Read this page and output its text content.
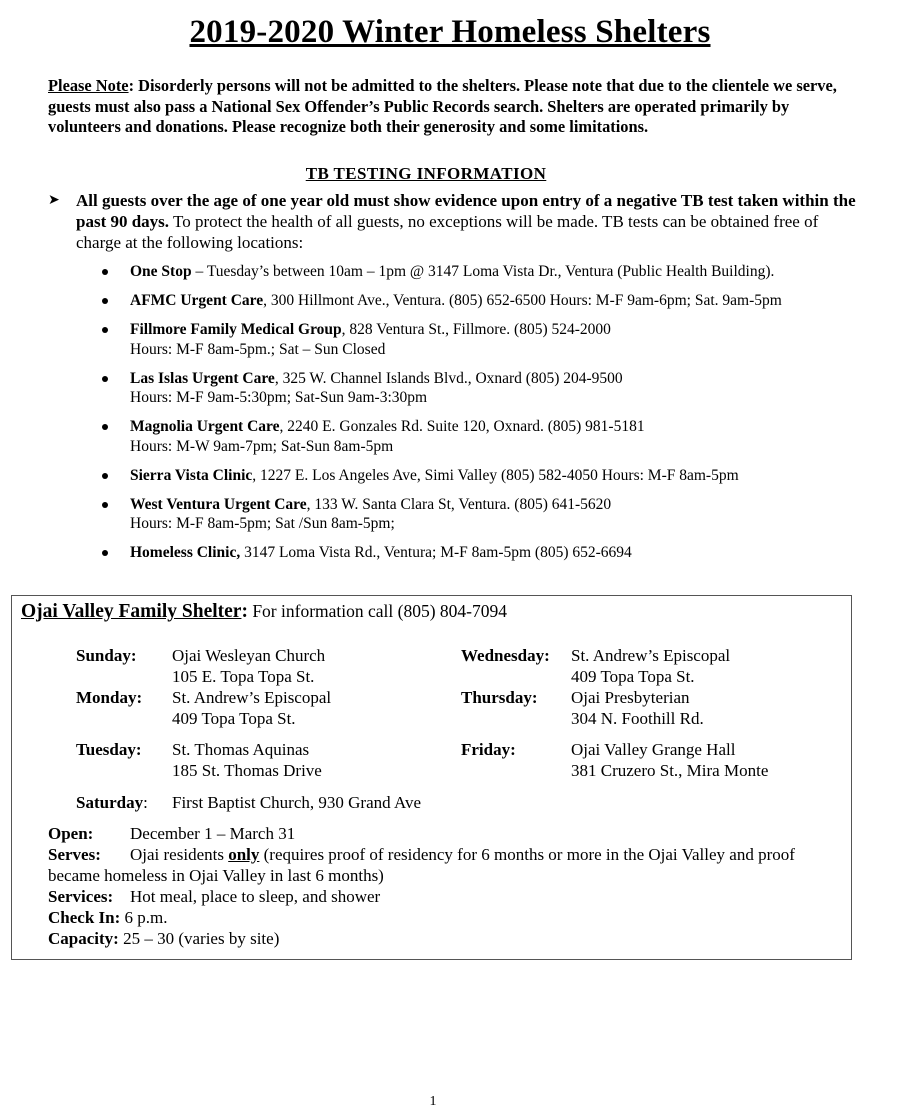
2019-2020 Winter Homeless Shelters
Please Note: Disorderly persons will not be admitted to the shelters. Please note that due to the clientele we serve, guests must also pass a National Sex Offender’s Public Records search. Shelters are operated primarily by volunteers and donations. Please recognize both their generosity and some limitations.
TB TESTING INFORMATION
➤ All guests over the age of one year old must show evidence upon entry of a negative TB test taken within the past 90 days. To protect the health of all guests, no exceptions will be made. TB tests can be obtained free of charge at the following locations:
One Stop – Tuesday’s between 10am – 1pm @ 3147 Loma Vista Dr., Ventura (Public Health Building).
AFMC Urgent Care, 300 Hillmont Ave., Ventura. (805) 652-6500 Hours: M-F 9am-6pm; Sat. 9am-5pm
Fillmore Family Medical Group, 828 Ventura St., Fillmore. (805) 524-2000
Hours: M-F 8am-5pm.; Sat – Sun Closed
Las Islas Urgent Care, 325 W. Channel Islands Blvd., Oxnard (805) 204-9500
Hours: M-F 9am-5:30pm; Sat-Sun 9am-3:30pm
Magnolia Urgent Care, 2240 E. Gonzales Rd. Suite 120, Oxnard. (805) 981-5181
Hours: M-W 9am-7pm; Sat-Sun 8am-5pm
Sierra Vista Clinic, 1227 E. Los Angeles Ave, Simi Valley (805) 582-4050 Hours: M-F 8am-5pm
West Ventura Urgent Care, 133 W. Santa Clara St, Ventura. (805) 641-5620
Hours: M-F 8am-5pm; Sat /Sun 8am-5pm;
Homeless Clinic, 3147 Loma Vista Rd., Ventura; M-F 8am-5pm (805) 652-6694
Ojai Valley Family Shelter: For information call (805) 804-7094
Sunday: Ojai Wesleyan Church
105 E. Topa Topa St.
Monday: St. Andrew’s Episcopal
409 Topa Topa St.
Tuesday: St. Thomas Aquinas
185 St. Thomas Drive
Wednesday: St. Andrew’s Episcopal
409 Topa Topa St.
Thursday: Ojai Presbyterian
304 N. Foothill Rd.
Friday:	Ojai Valley Grange Hall
381 Cruzero St., Mira Monte
Saturday: First Baptist Church, 930 Grand Ave
Open: December 1 – March 31
Serves: Ojai residents only (requires proof of residency for 6 months or more in the Ojai Valley and proof became homeless in Ojai Valley in last 6 months)
Services: Hot meal, place to sleep, and shower
Check In: 6 p.m.
Capacity: 25 – 30 (varies by site)
1
